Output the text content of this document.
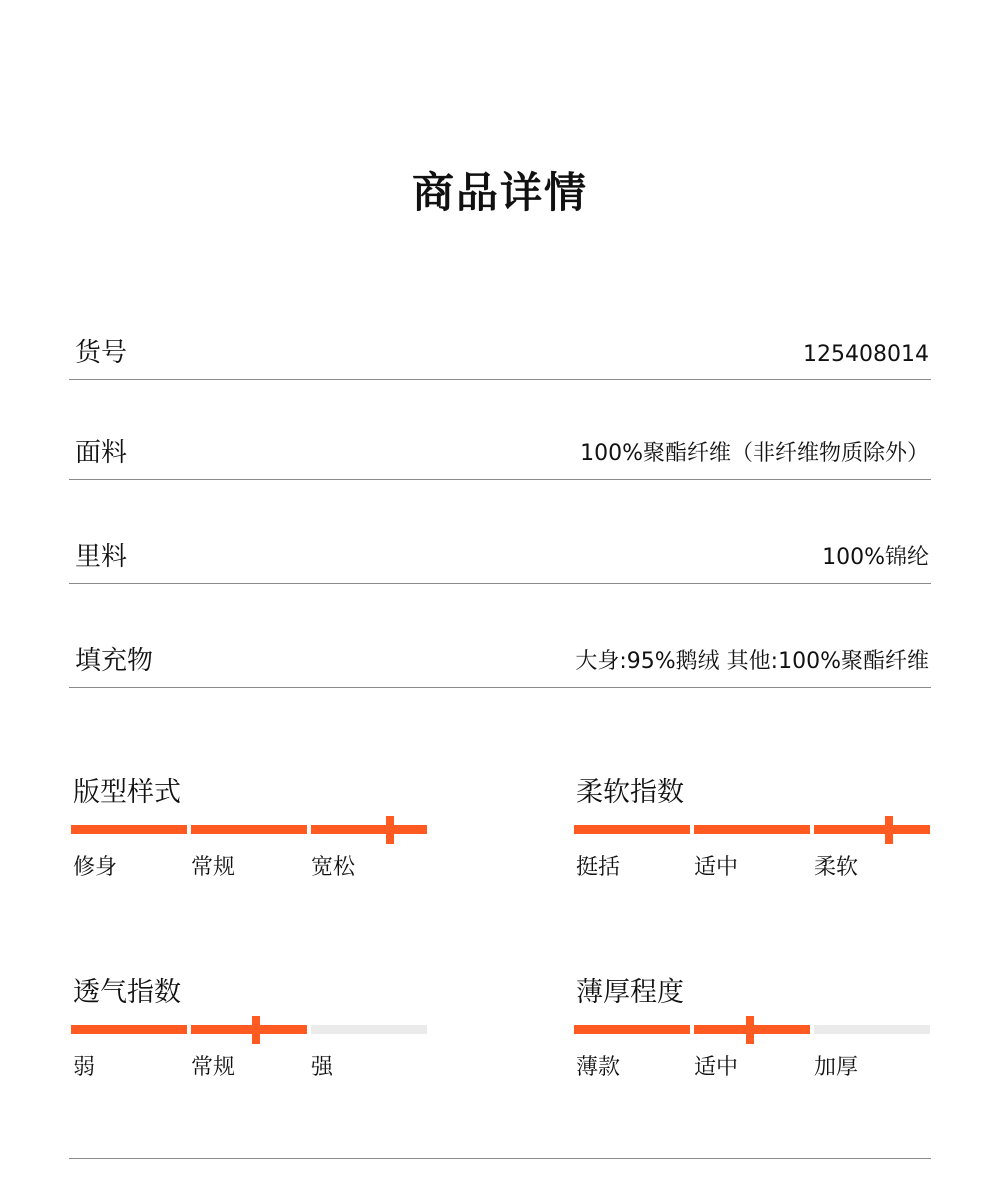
商品详情
货号	125408014
面料	100%聚酯纤维（非纤维物质除外）
里料	100%锦纶
填充物	大身:95%鹅绒 其他:100%聚酯纤维
版型样式
修身	常规	宽松
柔软指数
挺括	适中	柔软
透气指数
弱	常规	强
薄厚程度
薄款	适中	加厚
